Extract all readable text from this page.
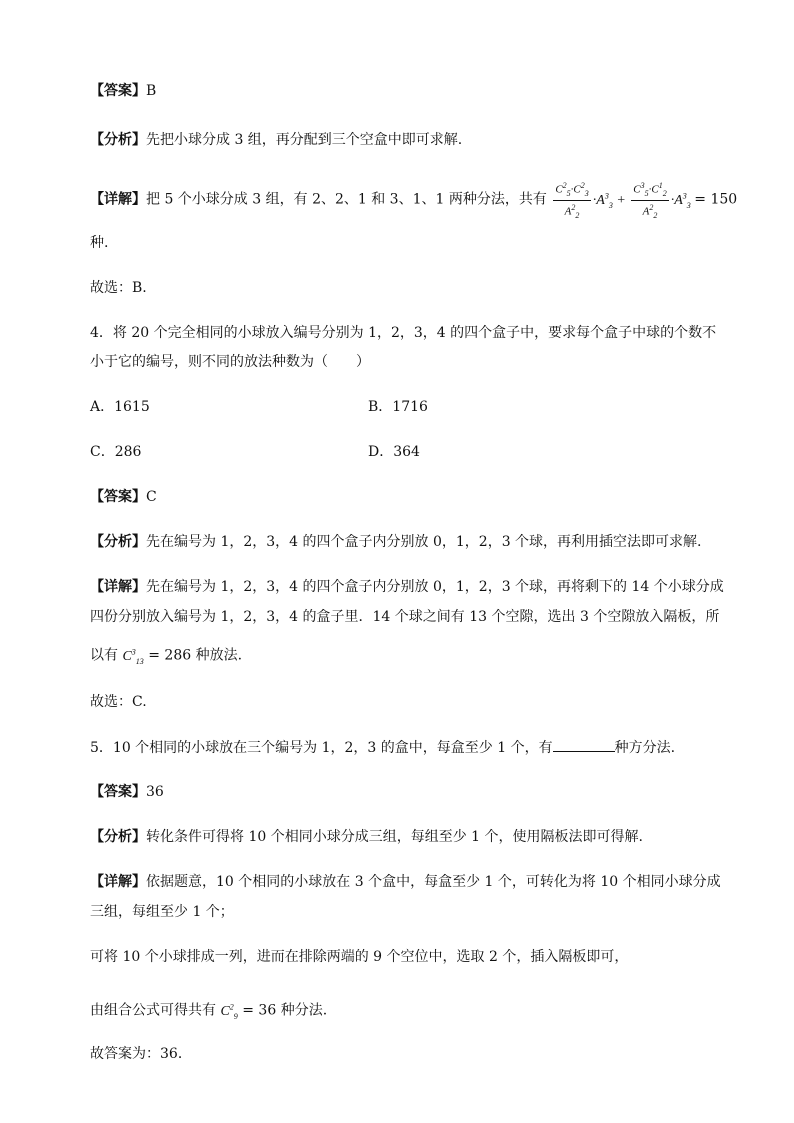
【答案】B
【分析】先把小球分成 3 组，再分配到三个空盒中即可求解.
【详解】把 5 个小球分成 3 组，有 2、2、1 和 3、1、1 两种分法，共有 $\frac{C^2_5\cdot C^2_3}{A^2_2} \cdot A^3_3 + \frac{C^3_5\cdot C^1_2}{A^2_2} \cdot A^3_3 = 150$
种.
故选：B.
4．将 20 个完全相同的小球放入编号分别为 1，2，3，4 的四个盒子中，要求每个盒子中球的个数不
小于它的编号，则不同的放法种数为（　　）
A．1615	B．1716
C．286	D．364
【答案】C
【分析】先在编号为 1，2，3，4 的四个盒子内分别放 0，1，2，3 个球，再利用插空法即可求解.
【详解】先在编号为 1，2，3，4 的四个盒子内分别放 0，1，2，3 个球，再将剩下的 14 个小球分成
四份分别放入编号为 1，2，3，4 的盒子里．14 个球之间有 13 个空隙，选出 3 个空隙放入隔板，所
以有 $C^3_{13} = 286$ 种放法.
故选：C.
5．10 个相同的小球放在三个编号为 1，2，3 的盒中，每盒至少 1 个，有	种方分法.
【答案】36
【分析】转化条件可得将 10 个相同小球分成三组，每组至少 1 个，使用隔板法即可得解.
【详解】依据题意，10 个相同的小球放在 3 个盒中，每盒至少 1 个，可转化为将 10 个相同小球分成
三组，每组至少 1 个；
可将 10 个小球排成一列，进而在排除两端的 9 个空位中，选取 2 个，插入隔板即可，
由组合公式可得共有 $C^2_9 = 36$ 种分法.
故答案为：36．
